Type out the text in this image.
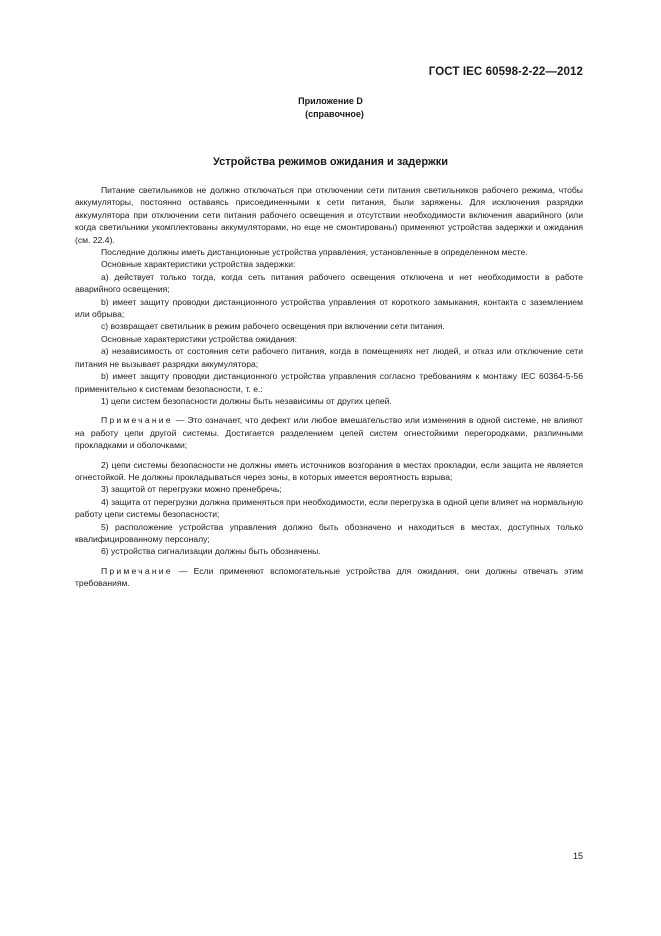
ГОСТ IEC 60598-2-22—2012
Приложение D
(справочное)
Устройства режимов ожидания и задержки

Питание светильников не должно отключаться при отключении сети питания светильников рабочего режима, чтобы аккумуляторы, постоянно оставаясь присоединенными к сети питания, были заряжены. Для исключения разрядки аккумулятора при отключении сети питания рабочего освещения и отсутствии необходимости включения аварийного (или когда светильники укомплектованы аккумуляторами, но еще не смонтированы) применяют устройства задержки и ожидания (см. 22.4).

Последние должны иметь дистанционные устройства управления, установленные в определенном месте.

Основные характеристики устройства задержки:

a) действует только тогда, когда сеть питания рабочего освещения отключена и нет необходимости в работе аварийного освещения;

b) имеет защиту проводки дистанционного устройства управления от короткого замыкания, контакта с заземлением или обрыва;

c) возвращает светильник в режим рабочего освещения при включении сети питания.

Основные характеристики устройства ожидания:

a) независимость от состояния сети рабочего питания, когда в помещениях нет людей, и отказ или отключение сети питания не вызывает разрядки аккумулятора;

b) имеет защиту проводки дистанционного устройства управления согласно требованиям к монтажу IEC 60364-5-56 применительно к системам безопасности, т. е.:

1) цепи систем безопасности должны быть независимы от других цепей.

Примечание — Это означает, что дефект или любое вмешательство или изменения в одной системе, не влияют на работу цепи другой системы. Достигается разделением цепей систем огнестойкими перегородками, различными прокладками и оболочками;

2) цепи системы безопасности не должны иметь источников возгорания в местах прокладки, если защита не является огнестойкой. Не должны прокладываться через зоны, в которых имеется вероятность взрыва;

3) защитой от перегрузки можно пренебречь;

4) защита от перегрузки должна применяться при необходимости, если перегрузка в одной цепи влияет на нормальную работу цепи системы безопасности;

5) расположение устройства управления должно быть обозначено и находиться в местах, доступных только квалифицированному персоналу;

6) устройства сигнализации должны быть обозначены.

Примечание — Если применяют вспомогательные устройства для ожидания, они должны отвечать этим требованиям.

15
